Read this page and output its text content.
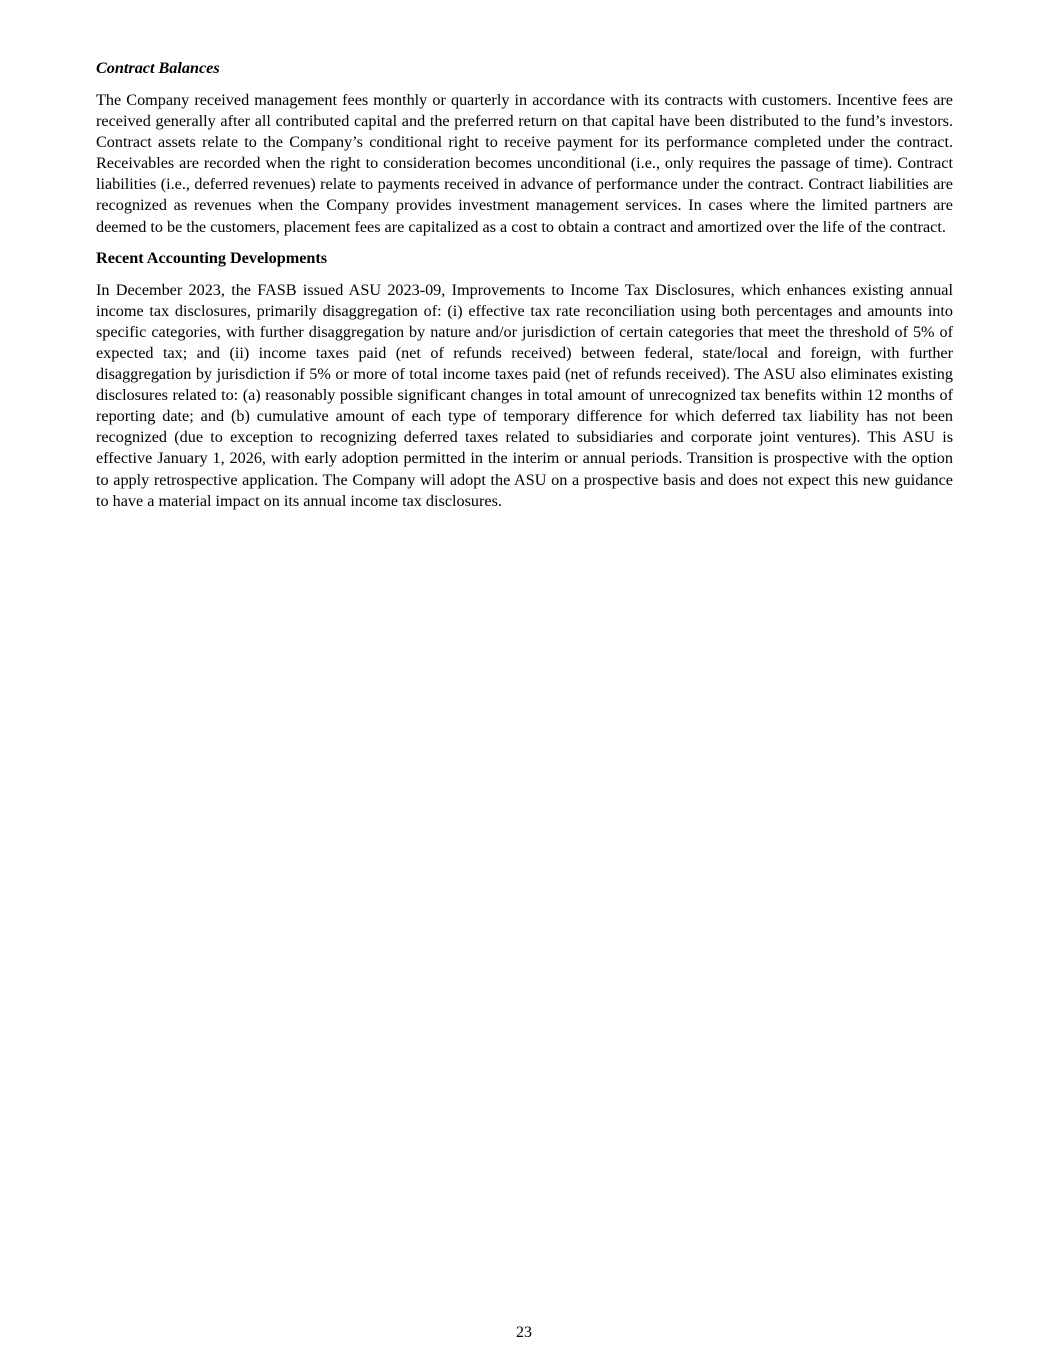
Contract Balances

The Company received management fees monthly or quarterly in accordance with its contracts with customers. Incentive fees are received generally after all contributed capital and the preferred return on that capital have been distributed to the fund’s investors. Contract assets relate to the Company’s conditional right to receive payment for its performance completed under the contract. Receivables are recorded when the right to consideration becomes unconditional (i.e., only requires the passage of time). Contract liabilities (i.e., deferred revenues) relate to payments received in advance of performance under the contract. Contract liabilities are recognized as revenues when the Company provides investment management services. In cases where the limited partners are deemed to be the customers, placement fees are capitalized as a cost to obtain a contract and amortized over the life of the contract.

Recent Accounting Developments

In December 2023, the FASB issued ASU 2023-09, Improvements to Income Tax Disclosures, which enhances existing annual income tax disclosures, primarily disaggregation of: (i) effective tax rate reconciliation using both percentages and amounts into specific categories, with further disaggregation by nature and/or jurisdiction of certain categories that meet the threshold of 5% of expected tax; and (ii) income taxes paid (net of refunds received) between federal, state/local and foreign, with further disaggregation by jurisdiction if 5% or more of total income taxes paid (net of refunds received). The ASU also eliminates existing disclosures related to: (a) reasonably possible significant changes in total amount of unrecognized tax benefits within 12 months of reporting date; and (b) cumulative amount of each type of temporary difference for which deferred tax liability has not been recognized (due to exception to recognizing deferred taxes related to subsidiaries and corporate joint ventures). This ASU is effective January 1, 2026, with early adoption permitted in the interim or annual periods. Transition is prospective with the option to apply retrospective application. The Company will adopt the ASU on a prospective basis and does not expect this new guidance to have a material impact on its annual income tax disclosures.

23
